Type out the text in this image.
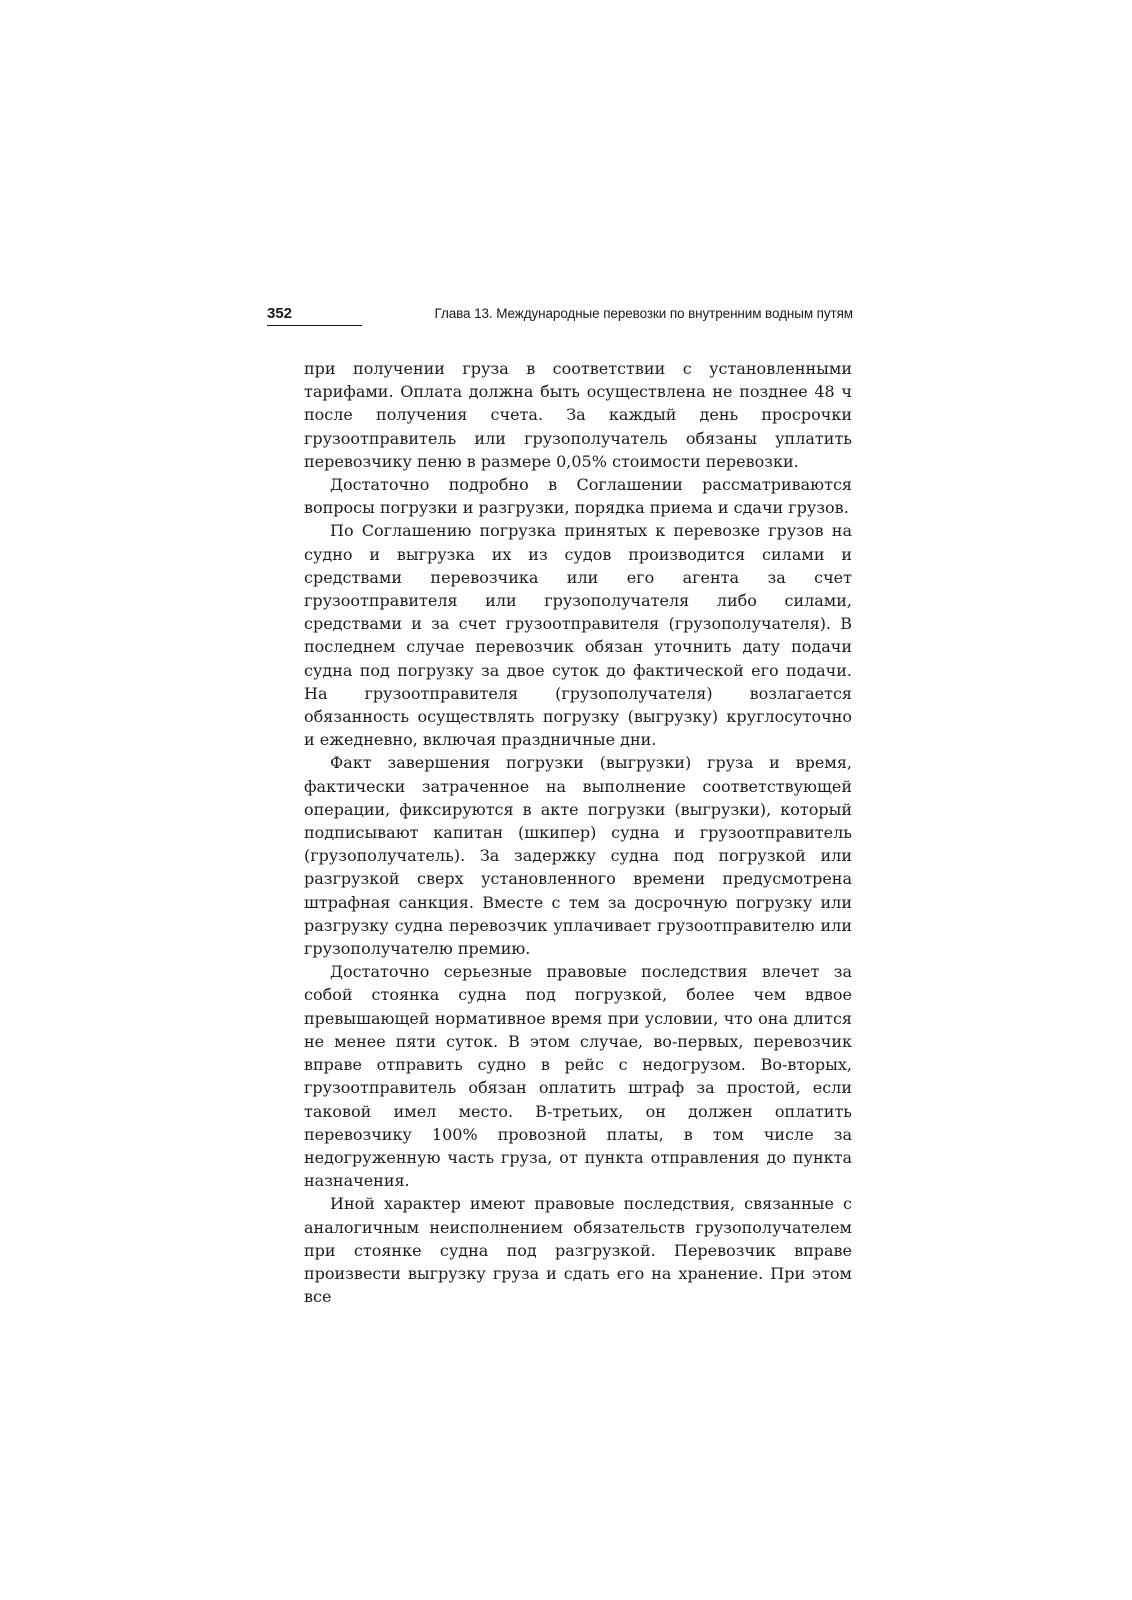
352	Глава 13. Международные перевозки по внутренним водным путям

при получении груза в соответствии с установленными тарифами. Оплата должна быть осуществлена не позднее 48 ч после получения счета. За каждый день просрочки грузоотправитель или грузополучатель обязаны уплатить перевозчику пеню в размере 0,05% стоимости перевозки.

Достаточно подробно в Соглашении рассматриваются вопросы погрузки и разгрузки, порядка приема и сдачи грузов.

По Соглашению погрузка принятых к перевозке грузов на судно и выгрузка их из судов производится силами и средствами перевозчика или его агента за счет грузоотправителя или грузополучателя либо силами, средствами и за счет грузоотправителя (грузополучателя). В последнем случае перевозчик обязан уточнить дату подачи судна под погрузку за двое суток до фактической его подачи. На грузоотправителя (грузополучателя) возлагается обязанность осуществлять погрузку (выгрузку) круглосуточно и ежедневно, включая праздничные дни.

Факт завершения погрузки (выгрузки) груза и время, фактически затраченное на выполнение соответствующей операции, фиксируются в акте погрузки (выгрузки), который подписывают капитан (шкипер) судна и грузоотправитель (грузополучатель). За задержку судна под погрузкой или разгрузкой сверх установленного времени предусмотрена штрафная санкция. Вместе с тем за досрочную погрузку или разгрузку судна перевозчик уплачивает грузоотправителю или грузополучателю премию.

Достаточно серьезные правовые последствия влечет за собой стоянка судна под погрузкой, более чем вдвое превышающей нормативное время при условии, что она длится не менее пяти суток. В этом случае, во-первых, перевозчик вправе отправить судно в рейс с недогрузом. Во-вторых, грузоотправитель обязан оплатить штраф за простой, если таковой имел место. В-третьих, он должен оплатить перевозчику 100% провозной платы, в том числе за недогруженную часть груза, от пункта отправления до пункта назначения.

Иной характер имеют правовые последствия, связанные с аналогичным неисполнением обязательств грузополучателем при стоянке судна под разгрузкой. Перевозчик вправе произвести выгрузку груза и сдать его на хранение. При этом все
